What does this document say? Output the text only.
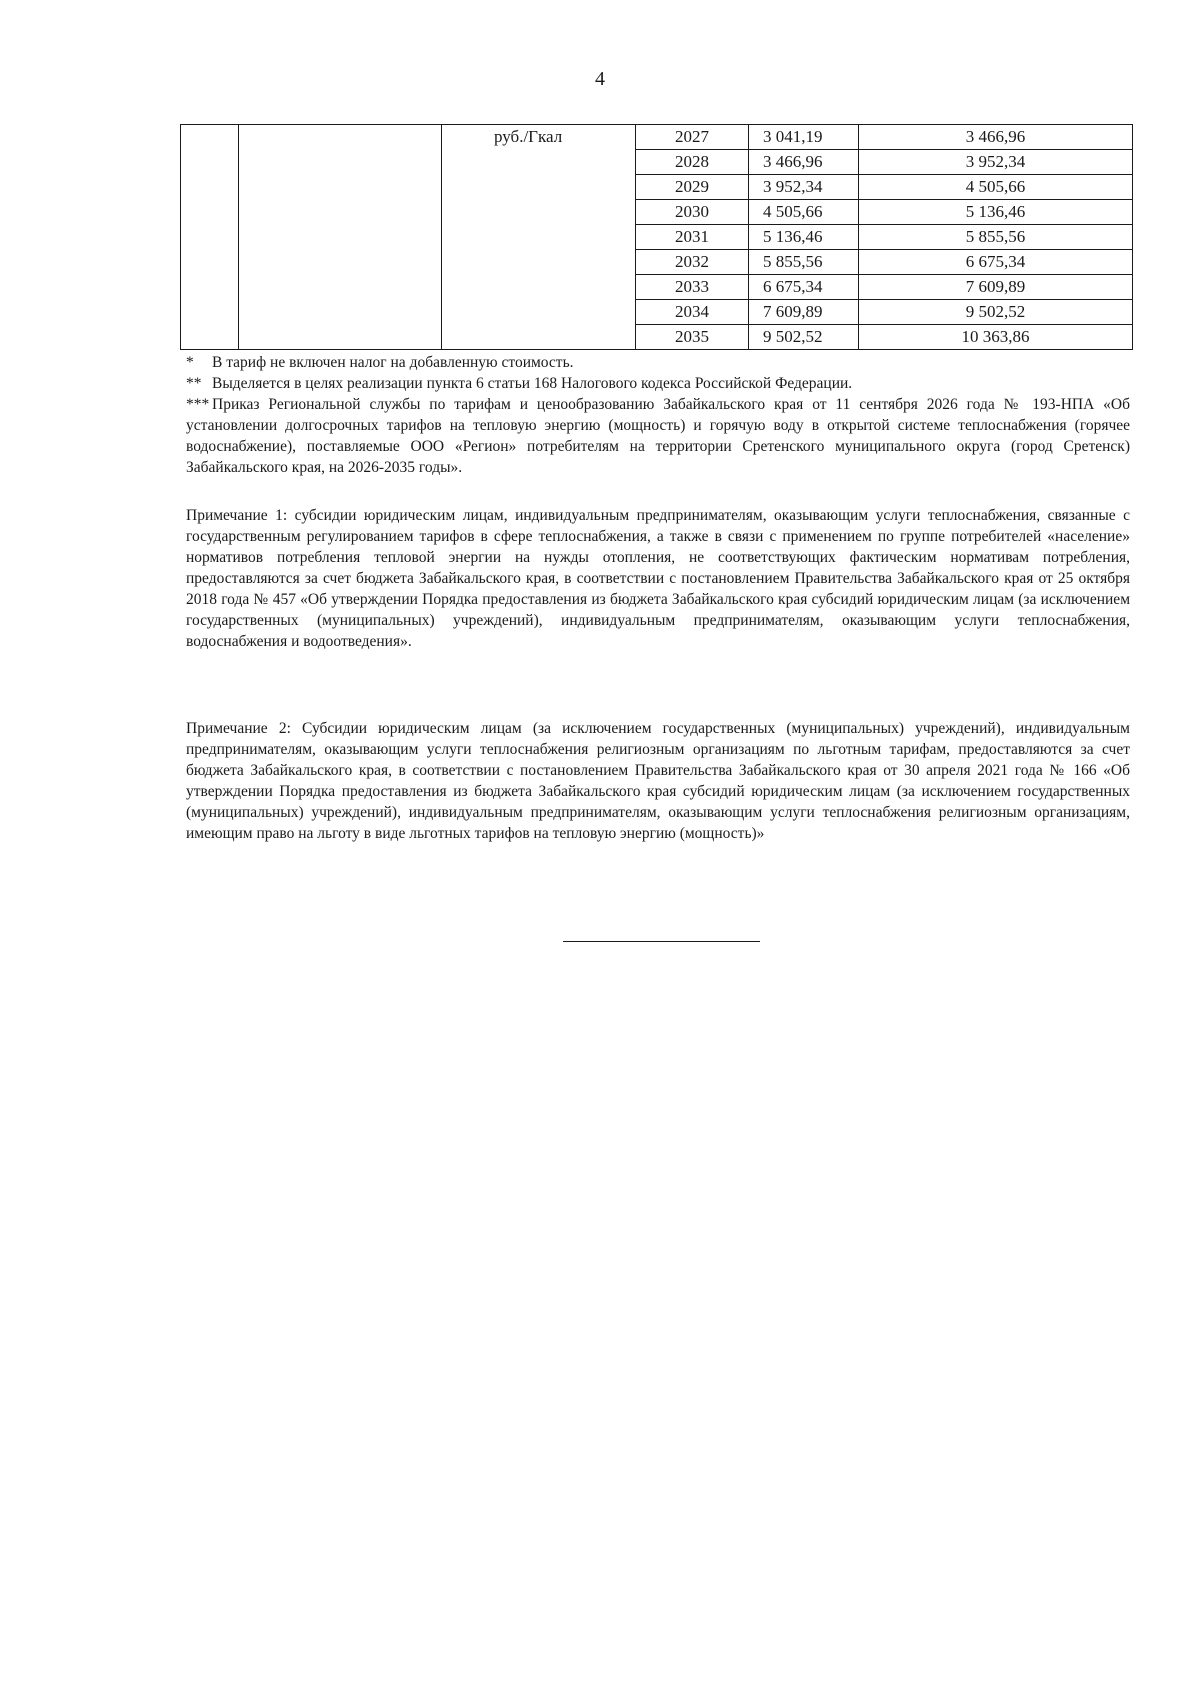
4
		руб./Гкал		2027	3 041,19	3 466,96
				2028	3 466,96	3 952,34
				2029	3 952,34	4 505,66
				2030	4 505,66	5 136,46
				2031	5 136,46	5 855,56
				2032	5 855,56	6 675,34
				2033	6 675,34	7 609,89
				2034	7 609,89	9 502,52
				2035	9 502,52	10 363,86

* В тариф не включен налог на добавленную стоимость.

** Выделяется в целях реализации пункта 6 статьи 168 Налогового кодекса Российской Федерации.

*** Приказ Региональной службы по тарифам и ценообразованию Забайкальского края от 11 сентября 2026 года № 193-НПА «Об установлении долгосрочных тарифов на тепловую энергию (мощность) и горячую воду в открытой системе теплоснабжения (горячее водоснабжение), поставляемые ООО «Регион» потребителям на территории Сретенского муниципального округа (город Сретенск) Забайкальского края, на 2026-2035 годы».

Примечание 1: субсидии юридическим лицам, индивидуальным предпринимателям, оказывающим услуги теплоснабжения, связанные с государственным регулированием тарифов в сфере теплоснабжения, а также в связи с применением по группе потребителей «население» нормативов потребления тепловой энергии на нужды отопления, не соответствующих фактическим нормативам потребления, предоставляются за счет бюджета Забайкальского края, в соответствии с постановлением Правительства Забайкальского края от 25 октября 2018 года № 457 «Об утверждении Порядка предоставления из бюджета Забайкальского края субсидий юридическим лицам (за исключением государственных (муниципальных) учреждений), индивидуальным предпринимателям, оказывающим услуги теплоснабжения, водоснабжения и водоотведения».

Примечание 2: Субсидии юридическим лицам (за исключением государственных (муниципальных) учреждений), индивидуальным предпринимателям, оказывающим услуги теплоснабжения религиозным организациям по льготным тарифам, предоставляются за счет бюджета Забайкальского края, в соответствии с постановлением Правительства Забайкальского края от 30 апреля 2021 года № 166 «Об утверждении Порядка предоставления из бюджета Забайкальского края субсидий юридическим лицам (за исключением государственных (муниципальных) учреждений), индивидуальным предпринимателям, оказывающим услуги теплоснабжения религиозным организациям, имеющим право на льготу в виде льготных тарифов на тепловую энергию (мощность)»
